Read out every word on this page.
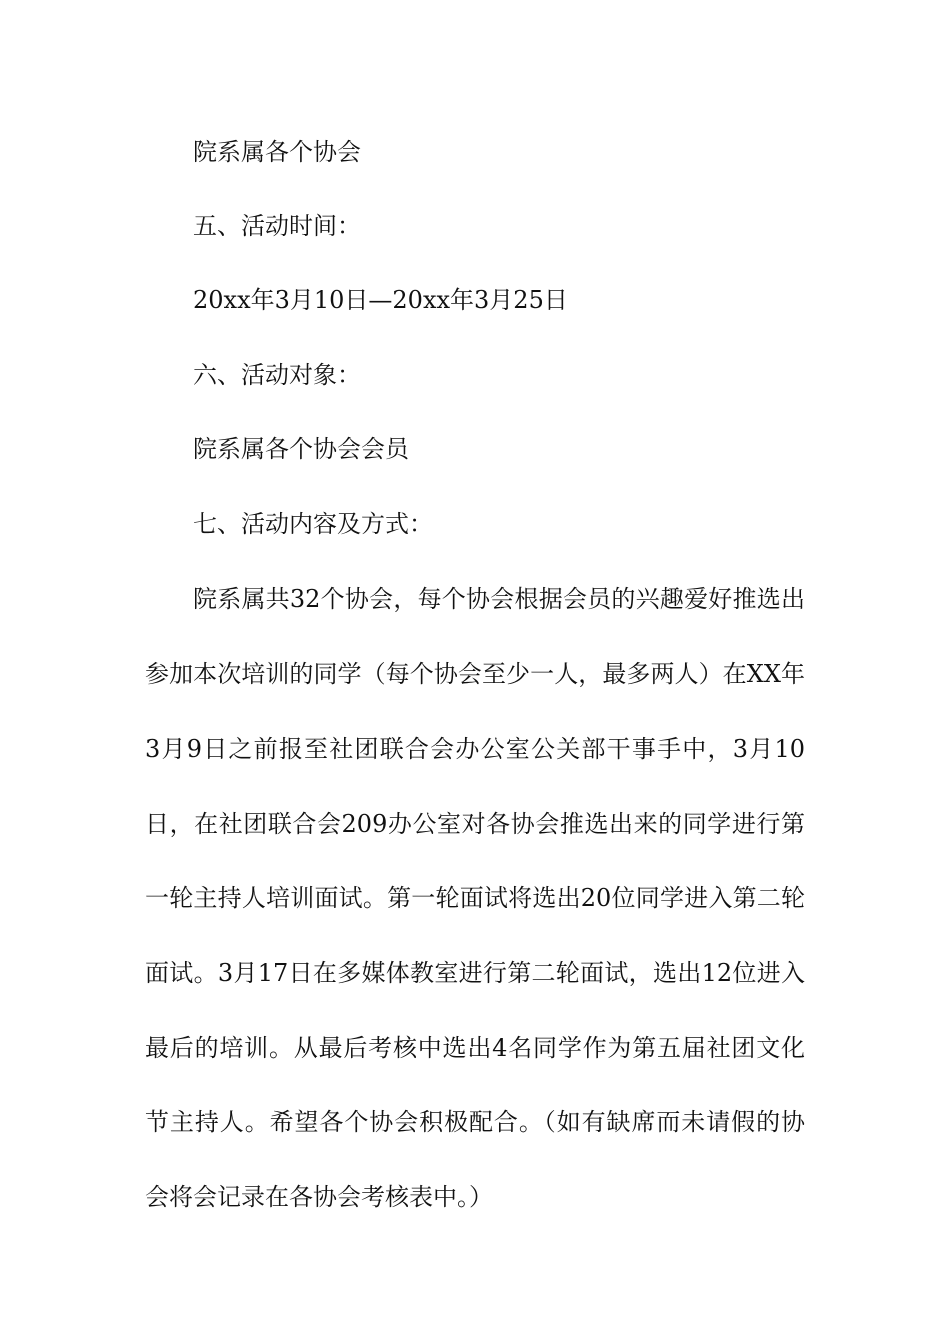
院系属各个协会

五、活动时间：

20xx年3月10日—20xx年3月25日

六、活动对象：

院系属各个协会会员

七、活动内容及方式：

院系属共32个协会，每个协会根据会员的兴趣爱好推选出

参加本次培训的同学（每个协会至少一人，最多两人）在XX年

3月9日之前报至社团联合会办公室公关部干事手中，3月10

日，在社团联合会209办公室对各协会推选出来的同学进行第

一轮主持人培训面试。第一轮面试将选出20位同学进入第二轮

面试。3月17日在多媒体教室进行第二轮面试，选出12位进入

最后的培训。从最后考核中选出4名同学作为第五届社团文化

节主持人。希望各个协会积极配合。（如有缺席而未请假的协

会将会记录在各协会考核表中。）
